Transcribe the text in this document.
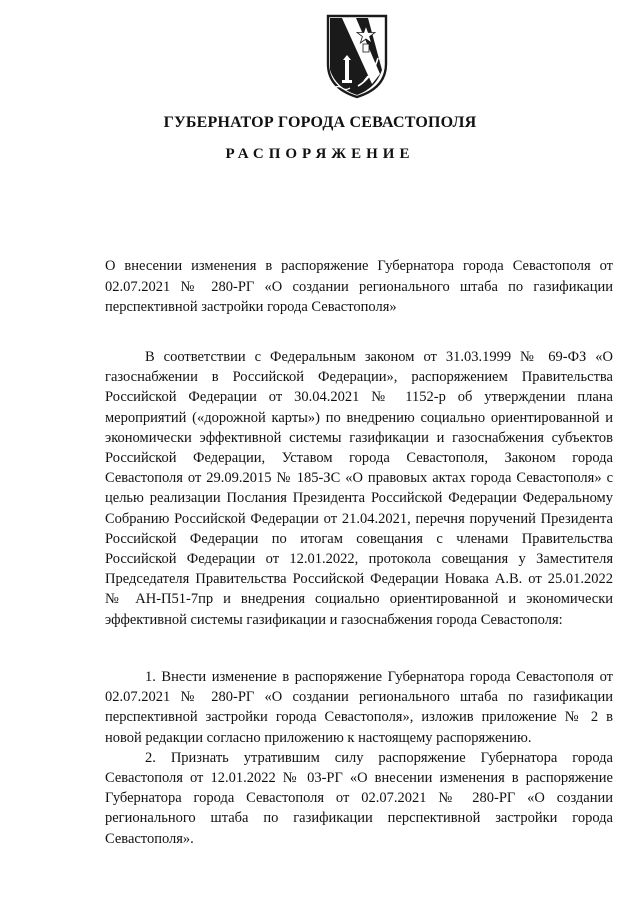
ГУБЕРНАТОР ГОРОДА СЕВАСТОПОЛЯ
РАСПОРЯЖЕНИЕ
О внесении изменения в распоряжение Губернатора города Севастополя от 02.07.2021 № 280-РГ «О создании регионального штаба по газификации перспективной застройки города Севастополя»

В соответствии с Федеральным законом от 31.03.1999 № 69-ФЗ «О газоснабжении в Российской Федерации», распоряжением Правительства Российской Федерации от 30.04.2021 № 1152-р об утверждении плана мероприятий («дорожной карты») по внедрению социально ориентированной и экономически эффективной системы газификации и газоснабжения субъектов Российской Федерации, Уставом города Севастополя, Законом города Севастополя от 29.09.2015 № 185-ЗС «О правовых актах города Севастополя» с целью реализации Послания Президента Российской Федерации Федеральному Собранию Российской Федерации от 21.04.2021, перечня поручений Президента Российской Федерации по итогам совещания с членами Правительства Российской Федерации от 12.01.2022, протокола совещания у Заместителя Председателя Правительства Российской Федерации Новака А.В. от 25.01.2022 № АН-П51-7пр и внедрения социально ориентированной и экономически эффективной системы газификации и газоснабжения города Севастополя:

1. Внести изменение в распоряжение Губернатора города Севастополя от 02.07.2021 № 280-РГ «О создании регионального штаба по газификации перспективной застройки города Севастополя», изложив приложение № 2 в новой редакции согласно приложению к настоящему распоряжению.

2. Признать утратившим силу распоряжение Губернатора города Севастополя от 12.01.2022 № 03-РГ «О внесении изменения в распоряжение Губернатора города Севастополя от 02.07.2021 № 280-РГ «О создании регионального штаба по газификации перспективной застройки города Севастополя».
